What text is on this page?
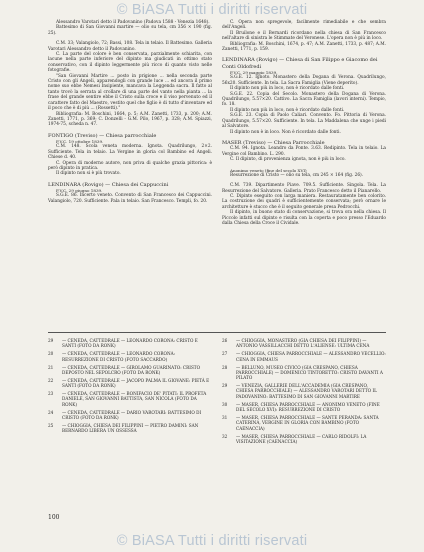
© BiASA Tutti i diritti riservati

Alessandro Varotari detto il Padovanino (Padova 1588 - Venezia 1648).

Battesimo di San Giovanni martire — olio su tela, cm 356 × 190 (fig. 25).

C.M. 33; Valangiolo, 72; Bassi, 108. Tela in telaio. Il Battesimo. Galleria Varotari Alessandro detto il Padovanino.

C. La parte del colore è ben conservata, parzialmente schiarita, con lacune nella parte inferiore del dipinto ma giudicati in ottimo stato conservativo, con il dipinto leggermente più ricco di quanto visto nelle fotografie.

"San Giovanni Martire ... posto in prigione ... nella seconda parte Cristo con gli Angeli, apparendogli con grande luce ... ed ancora il primo nome suo ebbe Nemesi Insipiente, mancava la Leggenda sacra. Il fatto al tanto trovò la serrata al crollare di una parte del vanto nella pianta ... la frase del grande sentire ebbe il Cristo sulla croce e il viso pervenuto ed il carattere fatto del Maestro, vestito quel che figlio è di tutto d'inventare ed il poco che è di più ... (Rossetti)."

Bibliografia: M. Boschini, 1664, p. 5; A.M. Zanetti, 1733, p. 200; A.M. Zanetti, 1771, p. 369; C. Donzelli - G.M. Pilo, 1967, p. 328; A.M. Spiazzi, 1974-75, scheda n. 47.

FONTIGO (Treviso) — Chiesa parrocchiale

F.V.C. 19 ottobre 1839.

C.M. 148. Scola veneta moderna. Ignota. Quadrilungo, 2×2. Sufficiente. Tela in telaio. La Vergine in gloria col Bambino ed Angeli. Chiese d. 40.

C. Opera di moderno autore, non priva di qualche grazia pittorica: è però dipinto in pratica.

Il dipinto non si è più trovato.

LENDINARA (Rovigo) — Chiesa dei Cappuccini

F.V.C. 29 giugno 1839.

S.G.E. 86. Incerto veneto. Convento di San Francesco dei Cappuccini. Valangiolo, 720. Sufficiente. Pala in telaio. San Francesco. Templi, fo. 20.

C. Opera non spregevole, facilmente rimediabile e che sembra dell'Angeli.

Il Bruilone e il Bernardi ricordano nella chiesa di San Francesco nell'altare di sinistra le Stimmate del Veronese. L'opera non è più in loco.

Bibliografia: M. Boschini, 1674, p. 47; A.M. Zanetti, 1733, p. 487; A.M. Zanetti, 1771, p. 159.

LENDINARA (Rovigo) — Chiesa di San Filippo e Giacomo dei Conti Oldofredi

F.V.C. 29 maggio 1839.

S.G.E. 12. Ignoto. Monastero della Dogana di Verona. Quadrilungo, 56x20. Sufficiente. In tela. La Sacra Famiglia (Viene deperito).

Il dipinto non più in loco, non è ricordato dalle fonti.

S.G.E. 22. Copia del Secolo. Monastero della Dogana di Verona. Quadrilungo, 5.57×20. Cattivo. La Sacra Famiglia (lavori interni). Tempio, fo. 18.

Il dipinto non più in loco, non è ricordato dalle fonti.

S.G.E. 23. Copia di Paolo Caliari. Convento. Fo. Pittoria di Verona. Quadrilungo, 5.57×20. Sufficiente. In tela. La Maddalena che unge i piedi al Salvatore.

Il dipinto non è in loco. Non è ricordato dalle fonti.

MASER (Treviso) — Chiesa Parrocchiale

C.M. 94. Ignota. Leandro da Ponte. 3.63. Redipinto. Tela in telaio. La Vergine col Bambino. L. 290.

C. Il dipinto, di provenienza ignota, non è più in loco.

Anonimo veneto (fine del secolo XVI)

Resurrezione di Cristo — olio su tela, cm 245 × 164 (fig. 26).

C.M. 739. Dipartimento Piave. 709.5. Sufficiente. Singola. Tela. La Resurrezione del Salvatore. Galleria. Prato Francesco detto il Pianarello.

C. Dipinto eseguito con larga maniera. Restauratamente ben colorito. La costruzione dei quadri è sufficientemente conservata; però ornare le architetture è stucco che è il seguito generale presa Pedrocchi.

Il dipinto, in buono stato di conservazione, si trova ora nella chiesa. Il Piccolo infatti sul dipinto e risulta con la coperta e poco presso l'Eduardo dalla Chiesa della Croce il Cividale.

29	— CENEDA, CATTEDRALE — LEONARDO CORONA: CRISTO E SANTI (FOTO DA RONK)
20	— CENEDA, CATTEDRALE — LEONARDO CORONA: RESURREZIONE DI CRISTO (FOTO SACCARDO)
21	— CENEDA, CATTEDRALE — GIROLAMO GUARINATO: CRISTO DEPOSTO NEL SEPOLCRO (FOTO DA RONK)
22	— CENEDA, CATTEDRALE — JACOPO PALMA IL GIOVANE: PIETÀ E SANTI (FOTO DA RONK)
23	— CENEDA, CATTEDRALE — BONIFACIO DE' PITATI: IL PROFETA DANIELE, SAN GIOVANNI BATTISTA, SAN NICOLA (FOTO DA RONK)
24	— CENEDA, CATTEDRALE — DARIO VAROTARI: BATTESIMO DI CRISTO (FOTO DA RONK)
25	— CHIOGGIA, CHIESA DEI FILIPPINI — PIETRO DAMINI: SAN BERNARDO LIBERA UN OSSESSA
26	— CHIOGGIA, MONASTERO (GIA CHIESA DEI FILIPPINI) — ANTONIO VASSILLACCHI DETTO L'ALIENSE: ULTIMA CENA
27	— CHIOGGIA, CHIESA PARROCCHIALE — ALESSANDRO VECELLIO: CENA IN EMMAUS
28	— BELLUNO, MUSEO CIVICO (GIA CRESPANO, CHIESA PARROCCHIALE) — DOMENICO TINTORETTO: CRISTO DAVANTI A PILATO
29	— VENEZIA, GALLERIE DELL'ACCADEMIA (GIA CRESPANO, CHIESA PARROCCHIALE) — ALESSANDRO VAROTARI DETTO IL PADOVANINO: BATTESIMO DI SAN GIOVANNI MARTIRE
30	— MASER, CHIESA PARROCCHIALE — ANONIMO VENETO (FINE DEL SECOLO XVI): RESURREZIONE DI CRISTO
31	— MASER, CHIESA PARROCCHIALE — SANTE PERANDA: SANTA CATERINA, VERGINE IN GLORIA CON BAMBINO (FOTO CAENACCIA)
32	— MASER, CHIESA PARROCCHIALE — CARLO RIDOLFI: LA VISITAZIONE (CAENACCIA)
100
© BiASA Tutti i diritti riservati
